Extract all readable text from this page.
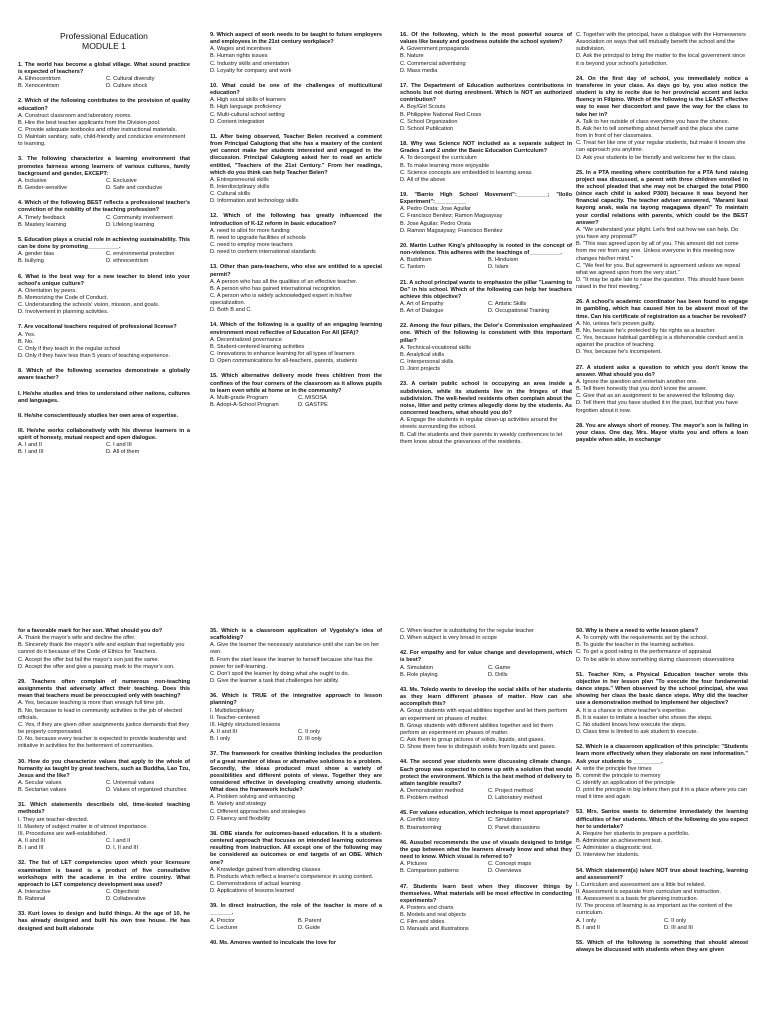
Professional Education
MODULE 1
1. The world has become a global village. What sound practice is expected of teachers?
A. Ethnocentrism	C. Cultural diversity
B. Xenocentrism	D. Culture shock
2. Which of the following contributes to the provision of quality education?
A. Construct classroom and laboratory rooms.
B. Hire the best teacher applicants from the Division pool.
C. Provide adequate textbooks and other instructional materials.
D. Maintain sanitary, safe, child-friendly and conducive environment to learning.
3. The following characterize a learning environment that promotes fairness among learners of various cultures, family background and gender, EXCEPT:
A. Inclusive	C. Exclusive
B. Gender-sensitive	D. Safe and conducive
4. Which of the following BEST reflects a professional teacher's conviction of the nobility of the teaching profession?
A. Timely feedback	C. Community involvement
B. Mastery learning	D. Lifelong learning
5. Education plays a crucial role in achieving sustainability. This can be done by promoting__________.
A. gender bias	C. environmental protection
B. bullying	D. ethnocentrism
6. What is the best way for a new teacher to blend into your school's unique culture?
A. Orientation by peers.
B. Memorizing the Code of Conduct.
C. Understanding the schools' vision, mission, and goals.
D. Involvement in planning activities.
7. Are vocational teachers required of professional license?
A. Yes.
B. No.
C. Only if they teach in the regular school
D. Only if they have less than 5 years of teaching experience.
8. Which of the following scenarios demonstrate a globally aware teacher?
I. He/she studies and tries to understand other nations, cultures and languages.
II. He/she conscientiously studies her own area of expertise.
III. He/she works collaboratively with his diverse learners in a spirit of honesty, mutual respect and open dialogue.
A. I and II	C. I and III
B. I and III	D. All of them
9. Which aspect of work needs to be taught to future employers and employees in the 21st century workplace?
A. Wages and incentives
B. Human rights issues
C. Industry skills and orientation
D. Loyalty for company and work
10. What could be one of the challenges of multicultural education?
A. High social skills of learners
B. High language proficiency
C. Multi-cultural school setting
D. Content integration
11. After being observed, Teacher Belen received a comment from Principal Calugtong that she has a mastery of the content yet cannot make her students interested and engaged in the discussion. Principal Calugtong asked her to read an article entitled, "Teachers of the 21st Century." From her readings, which do you think can help Teacher Belen?
A. Entrepreneurial skills
B. Interdisciplinary skills
C. Cultural skills
D. Information and technology skills
12. Which of the following has greatly influenced the introduction of K-12 reform in basic education?
A. need to allot for more funding
B. need to upgrade facilities of schools
C. need to employ more teachers
D. need to conform international standards
13. Other than para-teachers, who else are entitled to a special permit?
A. A person who has all the qualities of an effective teacher.
B. A person who has gained international recognition.
C. A person who is widely acknowledged expert in his/her specialization.
D. Both B and C.
14. Which of the following is a quality of an engaging learning environment most reflective of Education For All (EFA)?
A. Decentralized governance
B. Student-centered learning activities
C. Innovations to enhance learning for all types of learners
D. Open communications for all-teachers, parents, students
15. Which alternative delivery mode frees children from the confines of the four corners of the classroom as it allows pupils to learn even while at home or in the community?
A. Multi-grade Program	C. MISOSA
B. Adopt-A-School Program	D. GASTPE
16. Of the following, which is the most powerful source of values like beauty and goodness outside the school system?
A. Government propaganda
B. Nature
C. Commercial advertising
D. Mass media
17. The Department of Education authorizes contributions in schools but not during enrolment. Which is NOT an authorized contribution?
A. Boy/Girl Scouts
B. Philippine National Red Cross
C. School Organization
D. School Publication
18. Why was Science NOT included as a separate subject in Grades 1 and 2 under the Basic Education Curriculum?
A. To decongest the curriculum
B. To make learning more enjoyable
C. Science concepts are embedded in learning areas
D. All of the above
19. "Barrio High School Movement":__________; "Iloilo Experiment":__________
A. Pedro Orata; Jose Aguilar
C. Francisco Benitez; Ramon Magsaysay
B. Jose Aguilar; Pedro Orata
D. Ramon Magsaysay; Francisco Benitez
20. Martin Luther King's philosophy is rooted in the concept of non-violence. This adheres with the teachings of__________.
A. Buddhism	B. Hinduism
C. Taoism	D. Islam
21. A school principal wants to emphasize the pillar "Learning to Do" in his school. Which of the following can help her teachers achieve this objective?
A. Art of Empathy	C. Artistic Skills
B. Art of Dialogue	D. Occupational Training
22. Among the four pillars, the Delor's Commission emphasized one. Which of the following is consistent with this important pillar?
A. Technical-vocational skills
B. Analytical skills
C. Interpersonal skills
D. Joint projects
23. A certain public school is occupying an area inside a subdivision, while its students live in the fringes of that subdivision. The well-heeled residents often complain about the noise, litter and petty crimes allegedly done by the students. As concerned teachers, what should you do?
A. Engage the students in regular clean-up activities around the streets surrounding the school.
B. Call the students and their parents in weekly conferences to let them know about the grievances of the residents.
C. Together with the principal, have a dialogue with the Homeowners Association on ways that will mutually benefit the school and the subdivision.
D. Ask the principal to bring the matter to the local government since it is beyond your school's jurisdiction.
24. On the first day of school, you immediately notice a transferee in your class. As days go by, you also notice the student is shy to recite due to her provincial accent and lacks fluency in Filipino. Which of the following is the LEAST effective way to ease her discomfort and pave the way for the class to take her in?
A. Talk to her outside of class everytime you have the chance.
B. Ask her to tell something about herself and the place she came from in front of her classmates.
C. Treat her like one of your regular students, but make it known she can approach you anytime.
D. Ask your students to be friendly and welcome her to the class.
25. In a PTA meeting where contribution for a PTA fund raising project was discussed, a parent with three children enrolled in the school pleaded that she may not be charged the total P900 (since each child is asked P300) because it was beyond her financial capacity. The teacher adviser answered, "Marami kasi kayong anak, wala na tayong magagawa diyan!" To maintain your cordial relations with parents, which could be the BEST answer?
A. "We understand your plight. Let's find out how we can help. Do you have any proposal?"
B. "This was agreed upon by all of you. This amount did not come from me nor from any one. Unless everyone in this meeting now changes his/her mind."
C. "We feel for you. But agreement is agreement unless we repeal what we agreed upon from the very start."
D. "It may be quite late to raise the question. This should have been raised in the first meeting."
26. A school's academic coordinator has been found to engage in gambling, which has caused him to be absent most of the time. Can his certificate of registration as a teacher be revoked?
A. No, unless he's proven guilty.
B. No, because he's protected by his rights as a teacher.
C. Yes, because habitual gambling is a dishonorable conduct and is against the practice of teaching.
D. Yes, because he's incompetent.
27. A student asks a question to which you don't know the answer. What should you do?
A. Ignore the question and entertain another one.
B. Tell them honestly that you don't know the answer.
C. Give that as an assignment to be answered the following day.
D. Tell them that you have studied it in the past, but that you have forgotten about it now.
28. You are always short of money. The mayor's son is failing in your class. One day, Mrs. Mayor visits you and offers a loan payable when able, in exchange
for a favorable mark for her son. What should you do?
A. Thank the mayor's wife and decline the offer.
B. Sincerely thank the mayor's wife and explain that regrettably you cannot do it because of the Code of Ethics for Teachers.
C. Accept the offer but fail the mayor's son just the same.
D. Accept the offer and give a passing mark to the mayor's son.
29. Teachers often complain of numerous non-teaching assignments that adversely affect their teaching. Does this mean that teachers must be preoccupied only with teaching?
A. Yes, because teaching is more than enough full time job.
B. No, because to lead in community activities is the job of elected officials.
C. Yes, if they are given other assignments justice demands that they be properly compensated.
D. No, because every teacher is expected to provide leadership and initiative in activities for the betterment of communities.
30. How do you characterize values that apply to the whole of humanity as taught by great teachers, such as Buddha, Lao Tzu, Jesus and the like?
A. Secular values	C. Universal values
B. Sectarian values	D. Values of organized churches
31. Which statement/s describe/s old, time-tested teaching methods?
I. They are teacher-directed.
II. Mastery of subject matter is of utmost importance.
III. Procedures are well-established.
A. II and III	C. I and II
B. I and III	D. I, II and III
32. The list of LET competencies upon which your licensure examination is based is a product of five consultative workshops with the academe in the entire country. What approach to LET competency development was used?
A. Interactive	C. Objectivist
B. Rational	D. Collaborative
33. Kurt loves to design and build things. At the age of 10, he has already designed and built his own tree house. He has designed and built elaborate
35. Which is a classroom application of Vygotsky's idea of scaffolding?
A. Give the learner the necessary assistance until she can be on her own.
B. From the start leave the learner to herself because she has the power for self-learning.
C. Don't spoil the learner by doing what she ought to do.
D. Give the learner a task that challenges her ability.
36. Which is TRUE of the integrative approach to lesson planning?
I. Multidisciplinary
II. Teacher-centered
III. Highly structured lessons
A. II and III	C. II only
B. I only	D. III only
37. The framework for creative thinking includes the production of a great number of ideas or alternative solutions to a problem. Secondly, the ideas produced must show a variety of possibilities and different points of views. Together they are considered effective in developing creativity among students. What does the framework include?
A. Problem solving and enhancing
B. Variety and strategy
C. Different approaches and strategies
D. Fluency and flexibility
38. OBE stands for outcomes-based education. It is a student-centered approach that focuses on intended learning outcomes resulting from instruction. All except one of the following may be considered as outcomes or end targets of an OBE. Which one?
A. Knowledge gained from attending classes
B. Products which reflect a learner's competence in using content.
C. Demonstrations of actual learning
D. Applications of lessons learned
39. In direct instruction, the role of the teacher is more of a _______.
A. Proctor	B. Parent
C. Lecturer	D. Guide
40. Ms. Amores wanted to inculcate the love for
C. When teacher is substituting for the regular teacher
D. When subject is very broad in scope
42. For empathy and for value change and development, which is best?
A. Simulation	C. Game
B. Role playing	D. Drills
43. Ms. Toledo wants to develop the social skills of her students as they learn different phases of matter. How can she accomplish this?
A. Group students with equal abilities together and let them perform an experiment on phases of matter.
B. Group students with different abilities together and let them perform an experiment on phases of matter.
C. Ask them to group pictures of solids, liquids, and gases.
D. Show them how to distinguish solids from liquids and gases.
44. The second year students were discussing climate change. Each group was expected to come up with a solution that would protect the environment. Which is the best method of delivery to attain tangible results?
A. Demonstration method	C. Project method
B. Problem method	D. Laboratory method
45. For values education, which technique is most appropriate?
A. Conflict story	C. Simulation
B. Brainstorming	D. Panel discussions
46. Ausubel recommends the use of visuals designed to bridge the gap between what the learners already know and what they need to know. Which visual is referred to?
A. Pictures	C. Concept maps
B. Comparison patterns	D. Overviews
47. Students learn best when they discover things by themselves. What materials will be most effective in conducting experiments?
A. Posters and charts
B. Models and real objects
C. Film and slides
D. Manuals and illustrations
50. Why is there a need to write lesson plans?
A. To comply with the requirements set by the school.
B. To guide the teacher in the learning activities.
C. To get a good rating in the performance of appraisal
D. To be able to show something during classroom observations
51. Teacher Kim, a Physical Education teacher wrote this objective in her lesson plan "To execute the four fundamental dance steps." When observed by the school principal, she was showing her class the basic dance steps. Why did the teacher use a demonstration method to implement her objective?
A. It is a chance to show teacher's expertise.
B. It is easier to imitate a teacher who shows the steps.
C. No student knows how execute the steps.
D. Class time is limited to ask student to execute.
52. Which is a classroom application of this principle: "Students learn more effectively when they elaborate on new information." Ask your students to _________.
A. write the principle five times
B. commit the principle to memory
C. identify an application of the principle
D. print the principle in big letters then put it in a place where you can read it time and again
53. Mrs. Santos wants to determine immediately the learning difficulties of her students. Which of the following do you expect her to undertake?
A. Require her students to prepare a portfolio.
B. Administer an achievement test.
C. Administer a diagnostic test.
D. Interview her students.
54. Which statement(s) is/are NOT true about teaching, learning and assessment?
I. Curriculum and assessment are a little but related.
II. Assessment is separate from curriculum and instruction.
III. Assessment is a basis for planning instruction.
IV. The process of learning is as important as the content of the curriculum.
A. I only	C. II only
B. I and II	D. III and III
55. Which of the following is something that should almost always be discussed with students when they are given
